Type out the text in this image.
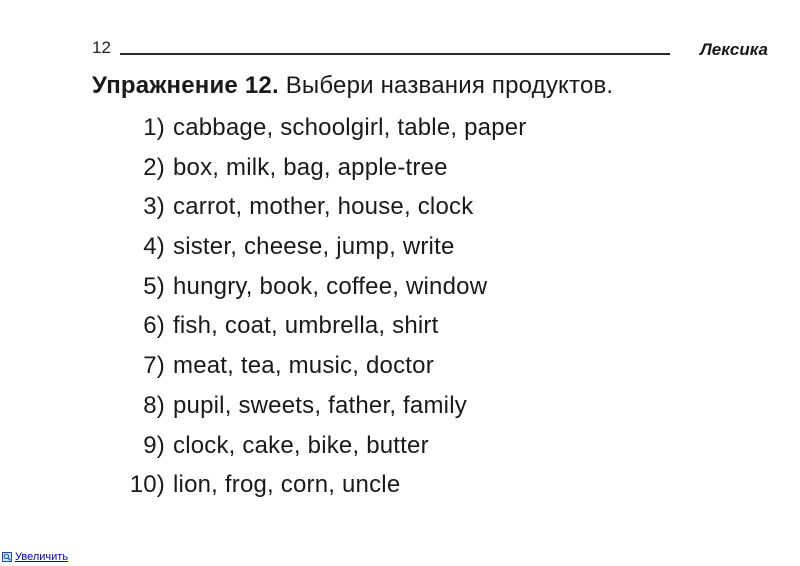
12	Лексика
Упражнение 12. Выбери названия продуктов.
1) cabbage, schoolgirl, table, paper
2) box, milk, bag, apple-tree
3) carrot, mother, house, clock
4) sister, cheese, jump, write
5) hungry, book, coffee, window
6) fish, coat, umbrella, shirt
7) meat, tea, music, doctor
8) pupil, sweets, father, family
9) clock, cake, bike, butter
10) lion, frog, corn, uncle
Увеличить
